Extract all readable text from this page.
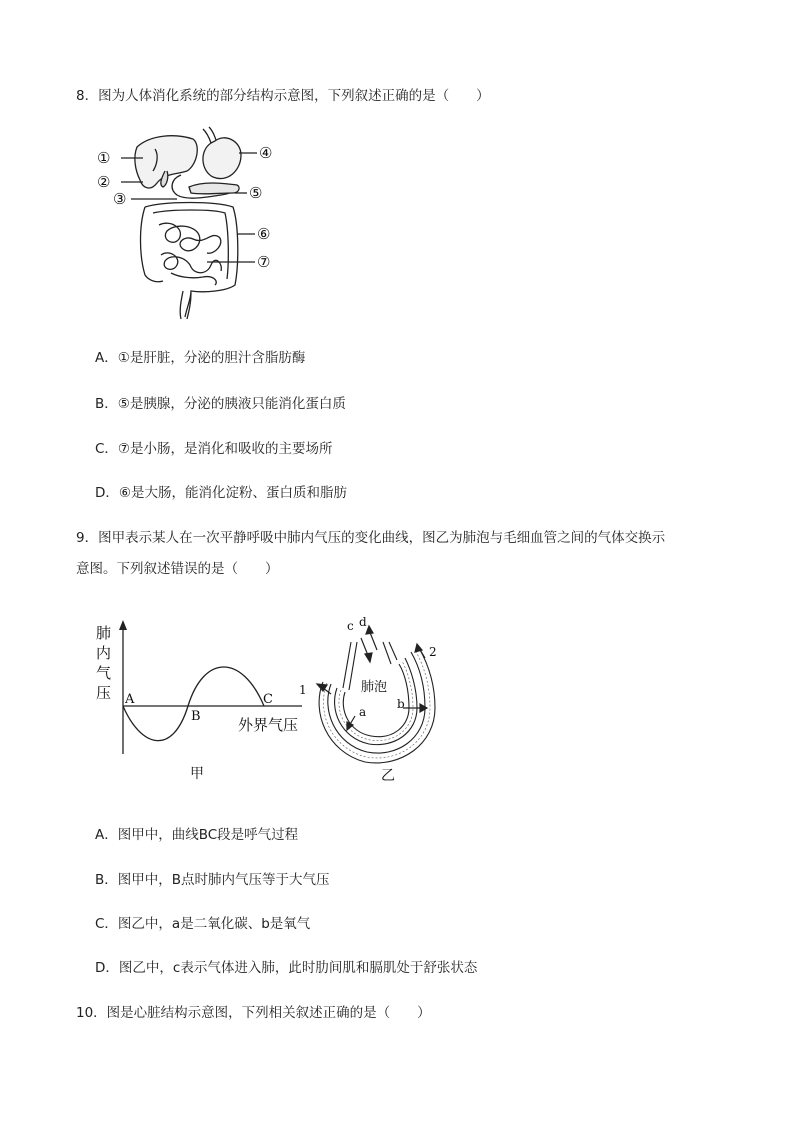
8．图为人体消化系统的部分结构示意图，下列叙述正确的是（　　）
①
②
③
④
⑤
⑥
⑦
A．①是肝脏，分泌的胆汁含脂肪酶
B．⑤是胰腺，分泌的胰液只能消化蛋白质
C．⑦是小肠，是消化和吸收的主要场所
D．⑥是大肠，能消化淀粉、蛋白质和脂肪
9．图甲表示某人在一次平静呼吸中肺内气压的变化曲线，图乙为肺泡与毛细血管之间的气体交换示
意图。下列叙述错误的是（　　）
肺
内
气
压 A
B
C
外界气压
甲
c d
2
1	肺泡
a
b
乙
A．图甲中，曲线BC段是呼气过程
B．图甲中，B点时肺内气压等于大气压
C．图乙中，a是二氧化碳、b是氧气
D．图乙中，c表示气体进入肺，此时肋间肌和膈肌处于舒张状态
10．图是心脏结构示意图，下列相关叙述正确的是（　　）
